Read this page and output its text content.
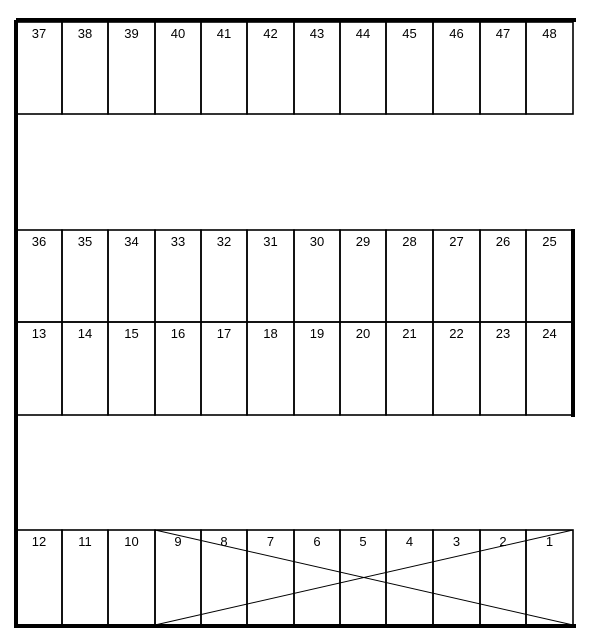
37 38 39 40 41 42 43 44 45	46 47 48
36 35 34 33 32 31 30 29 28	27 26 25
13 14 15 16 17 18 19 20 21	22 23 24
12 11	10	9	8	7	6	5	4	3	2	1
